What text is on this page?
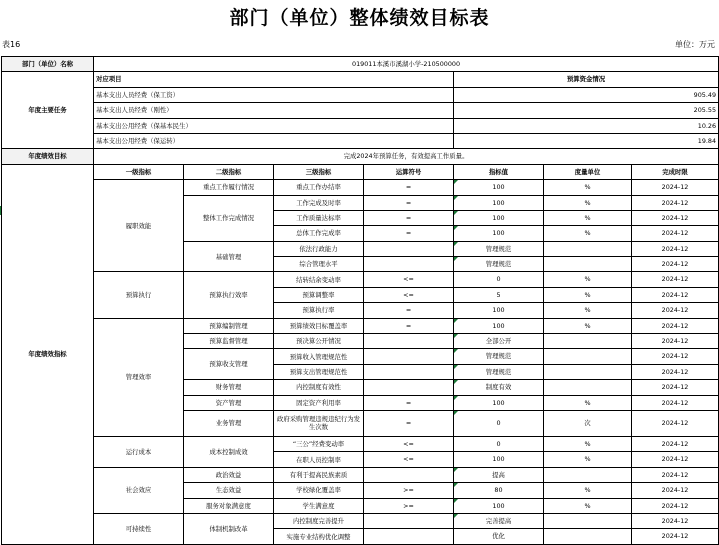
部门（单位）整体绩效目标表
表16	单位：万元
部门（单位）名称	019011本溪市溪湖小学-210500000						
年度主要任务	对应项目				预算资金情况		
	基本支出人员经费（保工资）				905.49		
	基本支出人员经费（刚性）				205.55		
	基本支出公用经费（保基本民生）				10.26		
	基本支出公用经费（保运转）				19.84		
年度绩效目标	完成2024年预算任务，有效提高工作质量。						
年度绩效指标	一级指标	二级指标	三级指标	运算符号	指标值	度量单位	完成时限
	履职效能	重点工作履行情况	重点工作办结率	=	100	%	2024-12
		整体工作完成情况	工作完成及时率	=	100	%	2024-12
			工作质量达标率	=	100	%	2024-12
			总体工作完成率	=	100	%	2024-12
		基础管理	依法行政能力		管理规范		2024-12
			综合管理水平		管理规范		2024-12
	预算执行	预算执行效率	结转结余变动率	<=	0	%	2024-12
			预算调整率	<=	5	%	2024-12
			预算执行率	=	100	%	2024-12
	管理效率	预算编制管理	预算绩效目标覆盖率	=	100	%	2024-12
		预算监督管理	预决算公开情况		全部公开		2024-12
		预算收支管理	预算收入管理规范性		管理规范		2024-12
			预算支出管理规范性		管理规范		2024-12
		财务管理	内控制度有效性		制度有效		2024-12
		资产管理	固定资产利用率	=	100	%	2024-12
		业务管理	政府采购管理违规违纪行为发生次数	=	0	次	2024-12
	运行成本	成本控制成效	“三公”经费变动率	<=	0	%	2024-12
			在职人员控制率	<=	100	%	2024-12
	社会效应	政治效益	有利于提高民族素质		提高		2024-12
		生态效益	学校绿化覆盖率	>=	80	%	2024-12
		服务对象满意度	学生满意度	>=	100	%	2024-12
	可持续性	体制机制改革	内控制度完善提升		完善提高		2024-12
			实施专业结构优化调整		优化		2024-12
